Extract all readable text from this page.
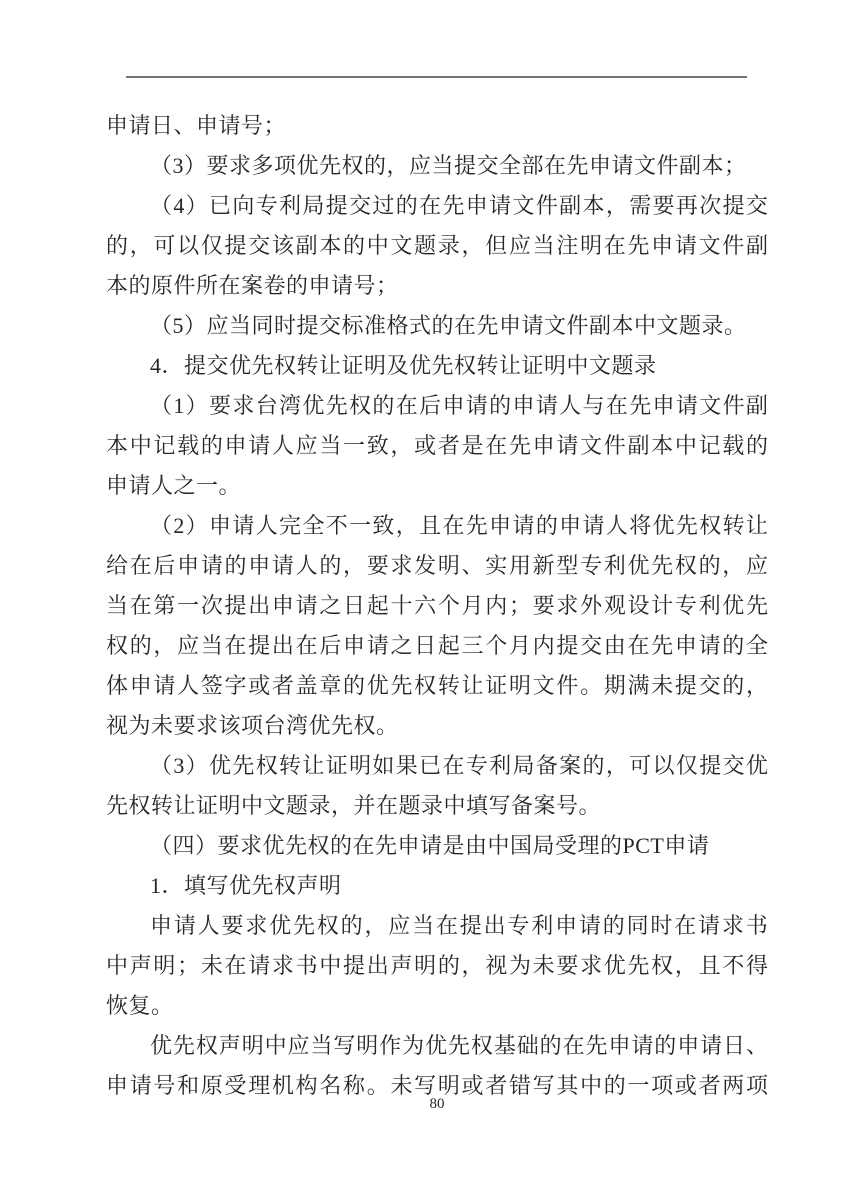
申请日、申请号；
（3）要求多项优先权的，应当提交全部在先申请文件副本；
（ 4 ） 已 向 专 利 局 提 交 过 的 在 先 申 请 文 件 副 本 ， 需 要 再 次 提 交
的 ， 可 以 仅 提 交 该 副 本 的 中 文 题 录 ， 但 应 当 注 明 在 先 申 请 文 件 副
本的原件所在案卷的申请号；
（5）应当同时提交标准格式的在先申请文件副本中文题录。
4．提交优先权转让证明及优先权转让证明中文题录
（ 1 ） 要 求 台 湾 优 先 权 的 在 后 申 请 的 申 请 人 与 在 先 申 请 文 件 副
本 中 记 载 的 申 请 人 应 当 一 致 ， 或 者 是 在 先 申 请 文 件 副 本 中 记 载 的
申请人之一。
（ 2 ） 申 请 人 完 全 不 一 致 ， 且 在 先 申 请 的 申 请 人 将 优 先 权 转 让
给 在 后 申 请 的 申 请 人 的 ， 要 求 发 明 、 实 用 新 型 专 利 优 先 权 的 ， 应
当 在 第 一 次 提 出 申 请 之 日 起 十 六 个 月 内 ； 要 求 外 观 设 计 专 利 优 先
权 的 ， 应 当 在 提 出 在 后 申 请 之 日 起 三 个 月 内 提 交 由 在 先 申 请 的 全
体 申 请 人 签 字 或 者 盖 章 的 优 先 权 转 让 证 明 文 件 。 期 满 未 提 交 的 ，
视为未要求该项台湾优先权。
（ 3 ） 优 先 权 转 让 证 明 如 果 已 在 专 利 局 备 案 的 ， 可 以 仅 提 交 优
先权转让证明中文题录，并在题录中填写备案号。
（四）要求优先权的在先申请是由中国局受理的PCT申请
1．填写优先权声明
申 请 人 要 求 优 先 权 的 ， 应 当 在 提 出 专 利 申 请 的 同 时 在 请 求 书
中 声 明 ； 未 在 请 求 书 中 提 出 声 明 的 ， 视 为 未 要 求 优 先 权 ， 且 不 得
恢复。
优 先 权 声 明 中 应 当 写 明 作 为 优 先 权 基 础 的 在 先 申 请 的 申 请 日 、
申 请 号 和 原 受 理 机 构 名 称 。 未 写 明 或 者 错 写 其 中 的 一 项 或 者 两 项
80
